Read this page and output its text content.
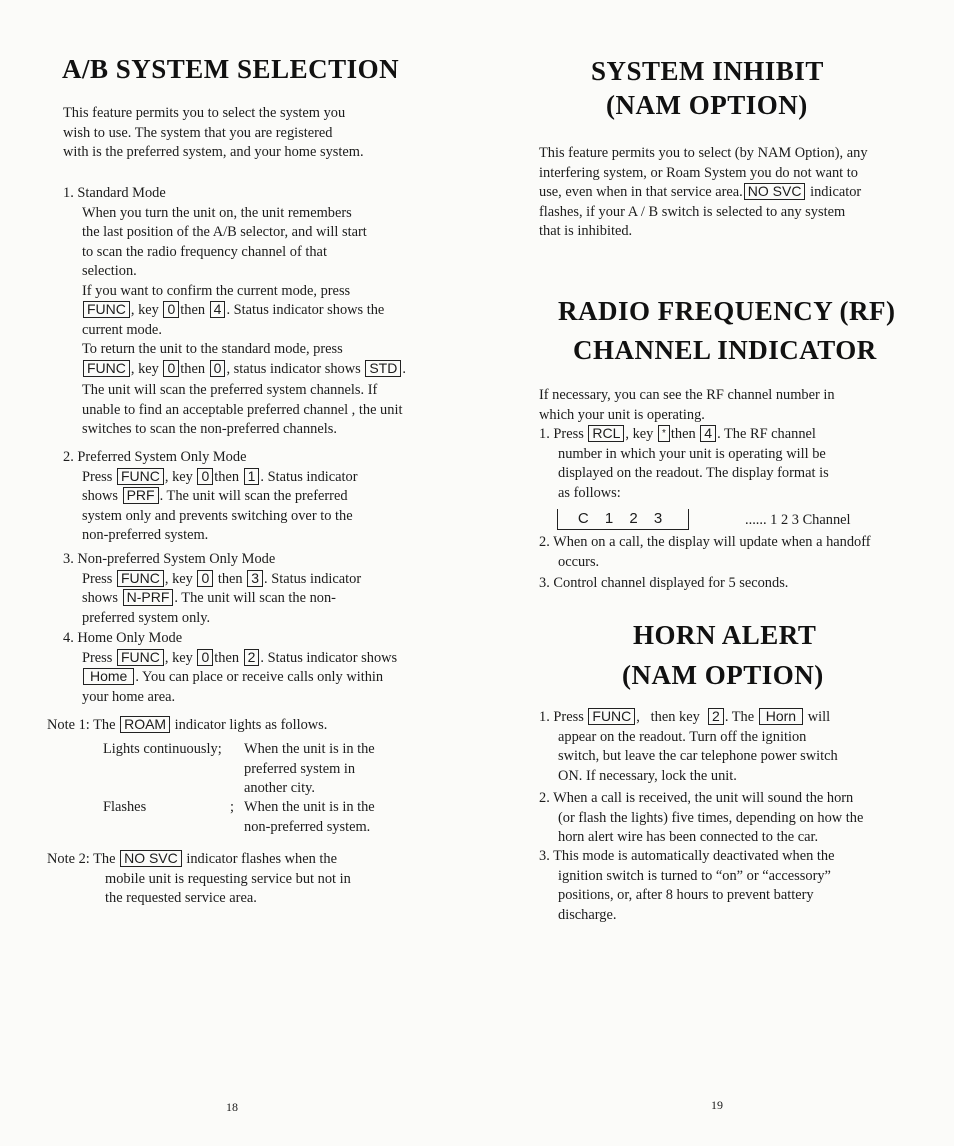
A/B SYSTEM SELECTION
This feature permits you to select the system you
wish to use. The system that you are registered
with is the preferred system, and your home system.
1. Standard Mode
When you turn the unit on, the unit remembers
the last position of the A/B selector, and will start
to scan the radio frequency channel of that
selection.
If you want to confirm the current mode, press
FUNC , key 0 then 4 . Status indicator shows the
current mode.
To return the unit to the standard mode, press
FUNC , key 0 then 0 , status indicator shows STD .
The unit will scan the preferred system channels. If
unable to find an acceptable preferred channel , the unit
switches to scan the non-preferred channels.
2. Preferred System Only Mode
Press FUNC , key 0 then 1 . Status indicator
shows PRF . The unit will scan the preferred
system only and prevents switching over to the
non-preferred system.
3. Non-preferred System Only Mode
Press FUNC , key 0 then 3 . Status indicator
shows N-PRF . The unit will scan the non-
preferred system only.
4. Home Only Mode
Press FUNC , key 0 then 2 . Status indicator shows
Home . You can place or receive calls only within
your home area.
Note 1: The ROAM indicator lights as follows.
Lights continuously;	When the unit is in the
preferred system in
another city.
Flashes	; When the unit is in the
non-preferred system.
Note 2: The NO SVC indicator flashes when the
mobile unit is requesting service but not in
the requested service area.
18
SYSTEM INHIBIT
(NAM OPTION)
This feature permits you to select (by NAM Option), any
interfering system, or Roam System you do not want to
use, even when in that service area. NO SVC indicator
flashes, if your A / B switch is selected to any system
that is inhibited.
RADIO FREQUENCY (RF)
CHANNEL INDICATOR
If necessary, you can see the RF channel number in
which your unit is operating.
1. Press RCL , key * then 4 . The RF channel
number in which your unit is operating will be
displayed on the readout. The display format is
as follows:
C 1 2 3	...... 1 2 3 Channel
2. When on a call, the display will update when a handoff
occurs.
3. Control channel displayed for 5 seconds.
HORN ALERT
(NAM OPTION)
1. Press FUNC ,   then key  2 . The Horn will
appear on the readout. Turn off the ignition
switch, but leave the car telephone power switch
ON. If necessary, lock the unit.
2. When a call is received, the unit will sound the horn
(or flash the lights) five times, depending on how the
horn alert wire has been connected to the car.
3. This mode is automatically deactivated when the
ignition switch is turned to “on” or “accessory”
positions, or, after 8 hours to prevent battery
discharge.
19
